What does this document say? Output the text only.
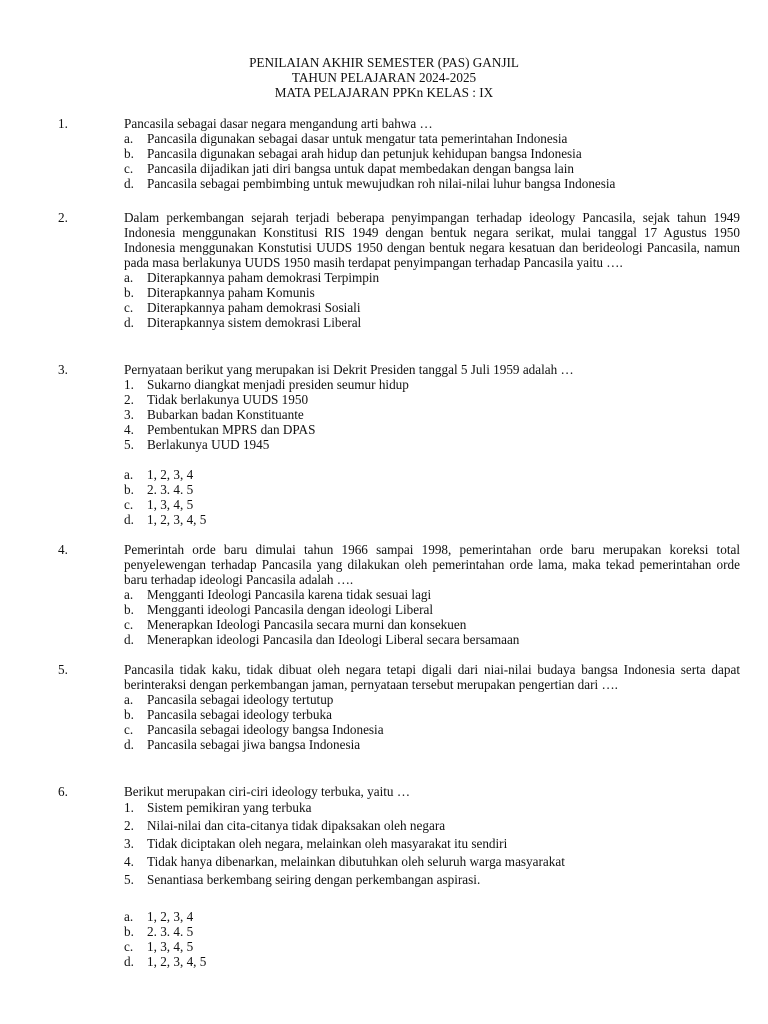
PENILAIAN AKHIR SEMESTER (PAS) GANJIL
TAHUN PELAJARAN 2024-2025
MATA PELAJARAN PPKn KELAS : IX
1.	Pancasila sebagai dasar negara mengandung arti bahwa …
a.	Pancasila digunakan sebagai dasar untuk mengatur tata pemerintahan Indonesia
b. Pancasila digunakan sebagai arah hidup dan petunjuk kehidupan bangsa Indonesia
c.	Pancasila dijadikan jati diri bangsa untuk dapat membedakan dengan bangsa lain
d. Pancasila sebagai pembimbing untuk mewujudkan roh nilai-nilai luhur bangsa Indonesia
2.	Dalam perkembangan sejarah terjadi beberapa penyimpangan terhadap ideology Pancasila, sejak tahun 1949 Indonesia menggunakan Konstitusi RIS 1949 dengan bentuk negara serikat, mulai tanggal 17 Agustus 1950 Indonesia menggunakan Konstutisi UUDS 1950 dengan bentuk negara kesatuan dan berideologi Pancasila, namun pada masa berlakunya UUDS 1950 masih terdapat penyimpangan terhadap Pancasila yaitu ….
a.	Diterapkannya paham demokrasi Terpimpin
b. Diterapkannya paham Komunis
c.	Diterapkannya paham demokrasi Sosiali
d. Diterapkannya sistem demokrasi Liberal
3.	Pernyataan berikut yang merupakan isi Dekrit Presiden tanggal 5 Juli 1959 adalah …
1. Sukarno diangkat menjadi presiden seumur hidup
2. Tidak berlakunya UUDS 1950
3. Bubarkan badan Konstituante
4. Pembentukan MPRS dan DPAS
5. Berlakunya UUD 1945
a.	1, 2, 3, 4
b. 2. 3. 4. 5
c.	1, 3, 4, 5
d. 1, 2, 3, 4, 5
4.	Pemerintah orde baru dimulai tahun 1966 sampai 1998, pemerintahan orde baru merupakan koreksi total penyelewengan terhadap Pancasila yang dilakukan oleh pemerintahan orde lama, maka tekad pemerintahan orde baru terhadap ideologi Pancasila adalah ….
a.	Mengganti Ideologi Pancasila karena tidak sesuai lagi
b. Mengganti ideologi Pancasila dengan ideologi Liberal
c.	Menerapkan Ideologi Pancasila secara murni dan konsekuen
d. Menerapkan ideologi Pancasila dan Ideologi Liberal secara bersamaan
5.	Pancasila tidak kaku, tidak dibuat oleh negara tetapi digali dari niai-nilai budaya bangsa Indonesia serta dapat berinteraksi dengan perkembangan jaman, pernyataan tersebut merupakan pengertian dari ….
a.	Pancasila sebagai ideology tertutup
b. Pancasila sebagai ideology terbuka
c.	Pancasila sebagai ideology bangsa Indonesia
d. Pancasila sebagai jiwa bangsa Indonesia
6.	Berikut merupakan ciri-ciri ideology terbuka, yaitu …
1. Sistem pemikiran yang terbuka
2. Nilai-nilai dan cita-citanya tidak dipaksakan oleh negara
3. Tidak diciptakan oleh negara, melainkan oleh masyarakat itu sendiri
4. Tidak hanya dibenarkan, melainkan dibutuhkan oleh seluruh warga masyarakat
5. Senantiasa berkembang seiring dengan perkembangan aspirasi.
a.	1, 2, 3, 4
b. 2. 3. 4. 5
c.	1, 3, 4, 5
d. 1, 2, 3, 4, 5
